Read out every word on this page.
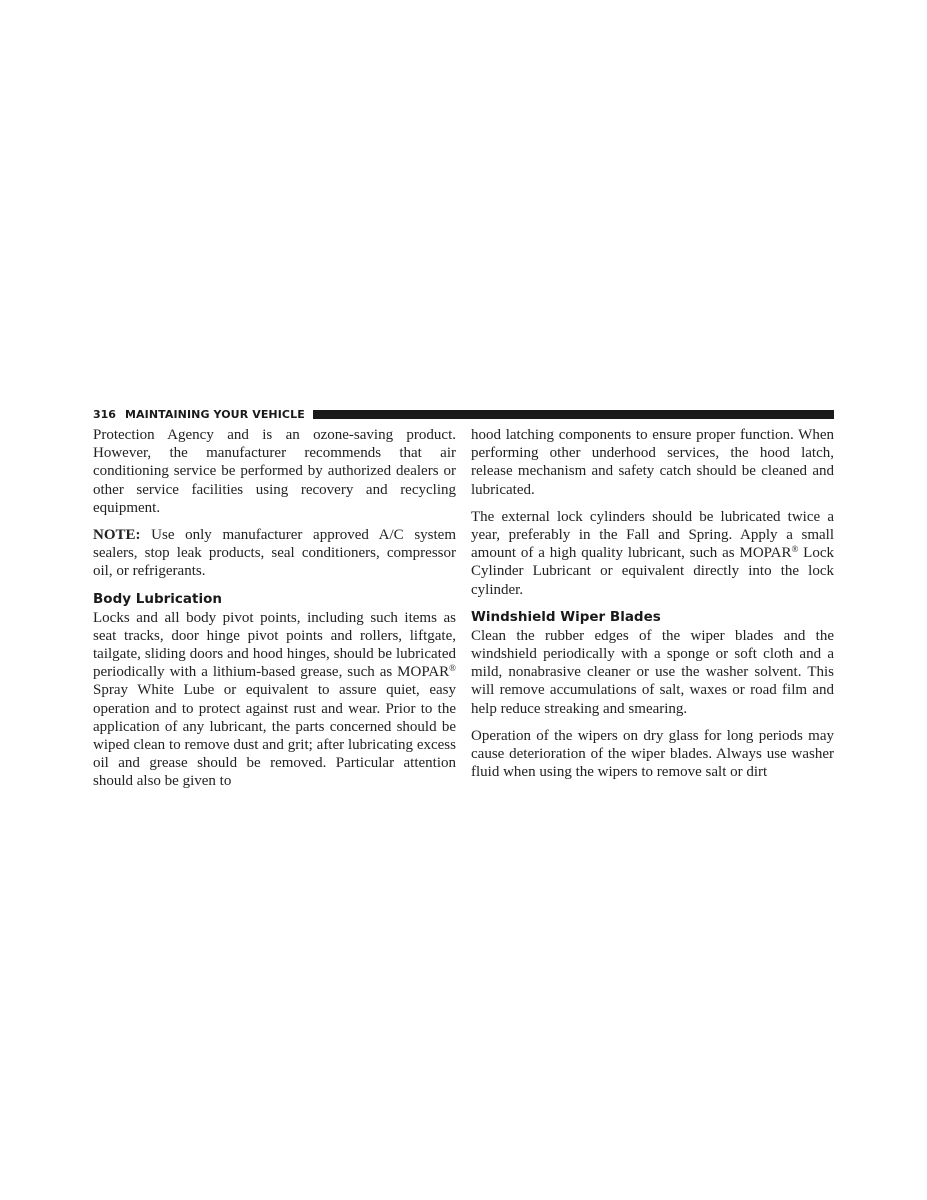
316 MAINTAINING YOUR VEHICLE

Protection Agency and is an ozone-saving product. However, the manufacturer recommends that air conditioning service be performed by authorized dealers or other service facilities using recovery and recycling equipment.

NOTE: Use only manufacturer approved A/C system sealers, stop leak products, seal conditioners, compressor oil, or refrigerants.

Body Lubrication

Locks and all body pivot points, including such items as seat tracks, door hinge pivot points and rollers, liftgate, tailgate, sliding doors and hood hinges, should be lubricated periodically with a lithium-based grease, such as MOPAR® Spray White Lube or equivalent to assure quiet, easy operation and to protect against rust and wear. Prior to the application of any lubricant, the parts concerned should be wiped clean to remove dust and grit; after lubricating excess oil and grease should be removed. Particular attention should also be given to

hood latching components to ensure proper function. When performing other underhood services, the hood latch, release mechanism and safety catch should be cleaned and lubricated.

The external lock cylinders should be lubricated twice a year, preferably in the Fall and Spring. Apply a small amount of a high quality lubricant, such as MOPAR® Lock Cylinder Lubricant or equivalent directly into the lock cylinder.

Windshield Wiper Blades

Clean the rubber edges of the wiper blades and the windshield periodically with a sponge or soft cloth and a mild, nonabrasive cleaner or use the washer solvent. This will remove accumulations of salt, waxes or road film and help reduce streaking and smearing.

Operation of the wipers on dry glass for long periods may cause deterioration of the wiper blades. Always use washer fluid when using the wipers to remove salt or dirt
